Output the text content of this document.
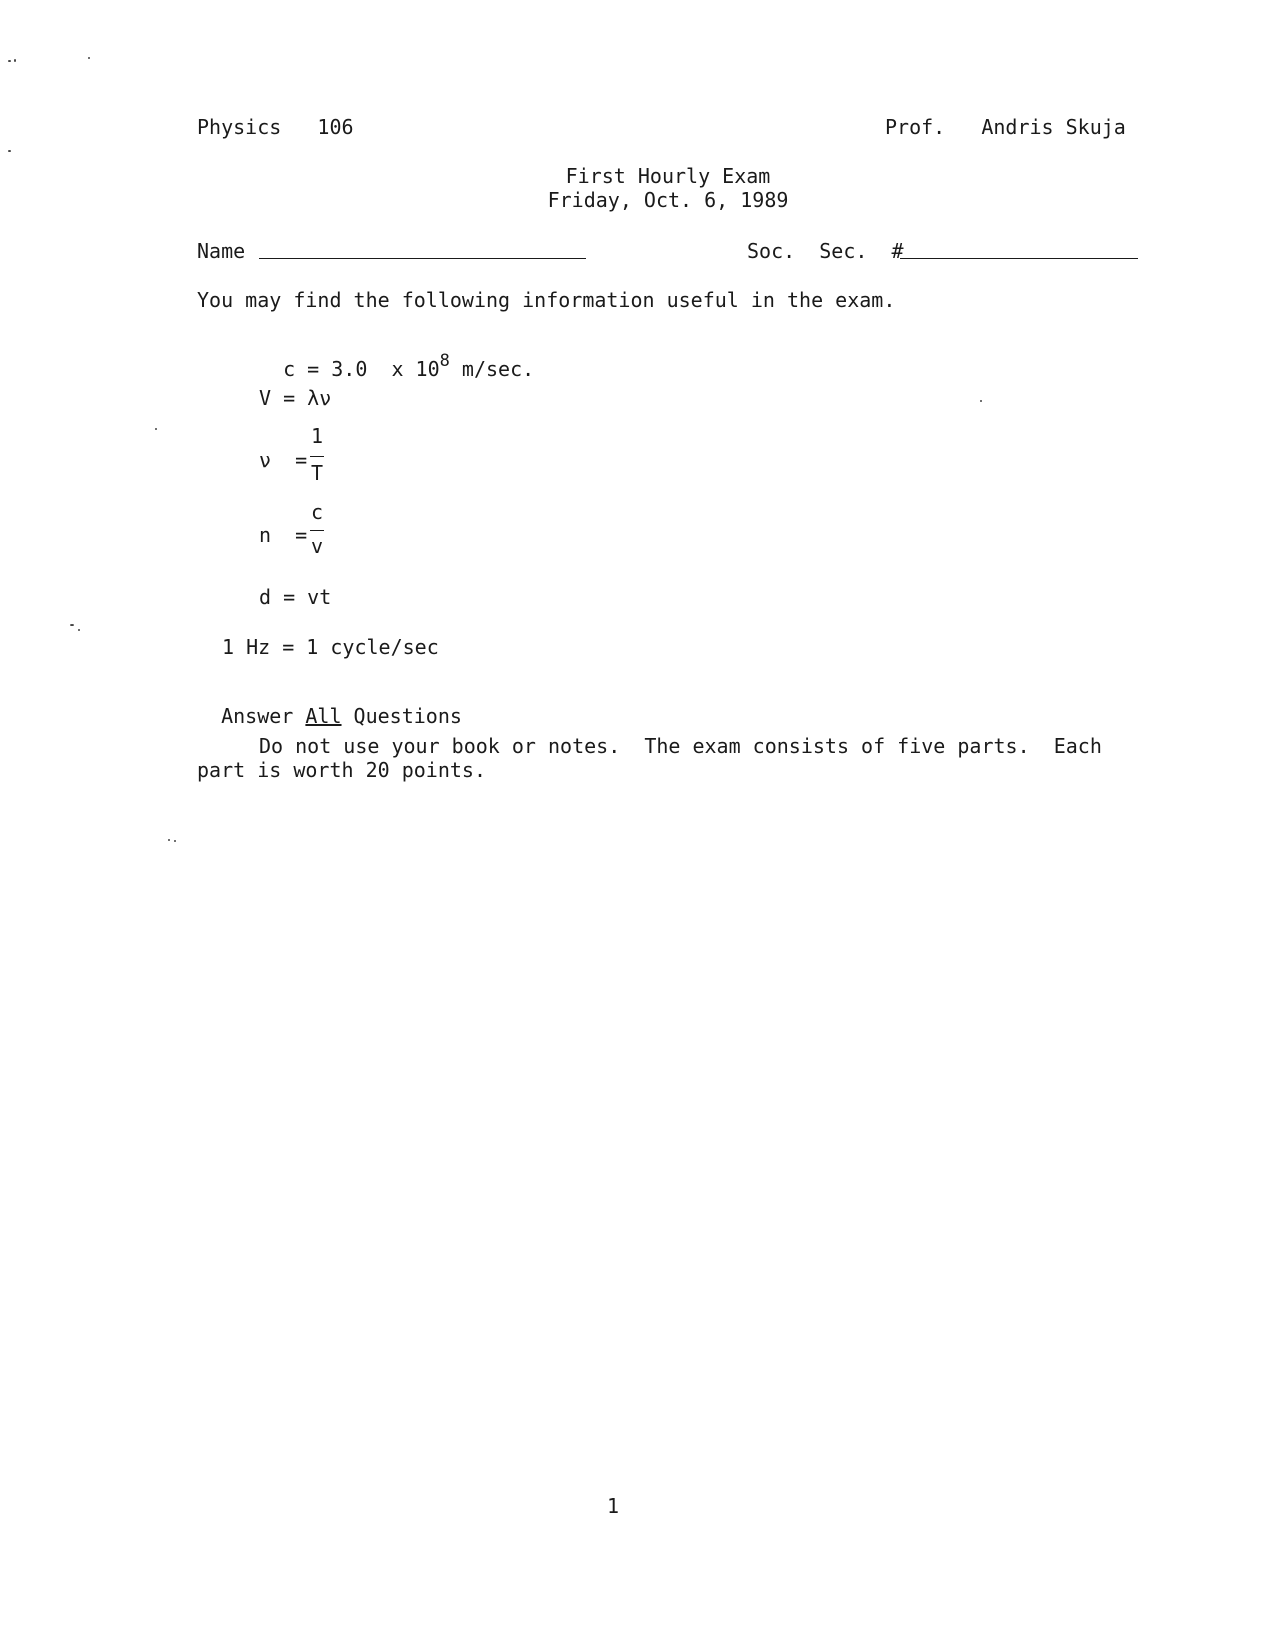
Physics   106	Prof.   Andris Skuja
First Hourly Exam
Friday, Oct. 6, 1989
Name	Soc.  Sec.  #
You may find the following information useful in the exam.

c = 3.0  x $10^8$ m/sec.

V = λν
ν  =
1
T
n  =
c
v
d = vt
1 Hz = 1 cycle/sec

Answer All Questions

Do not use your book or notes.  The exam consists of five parts.  Each
part is worth 20 points.
1
